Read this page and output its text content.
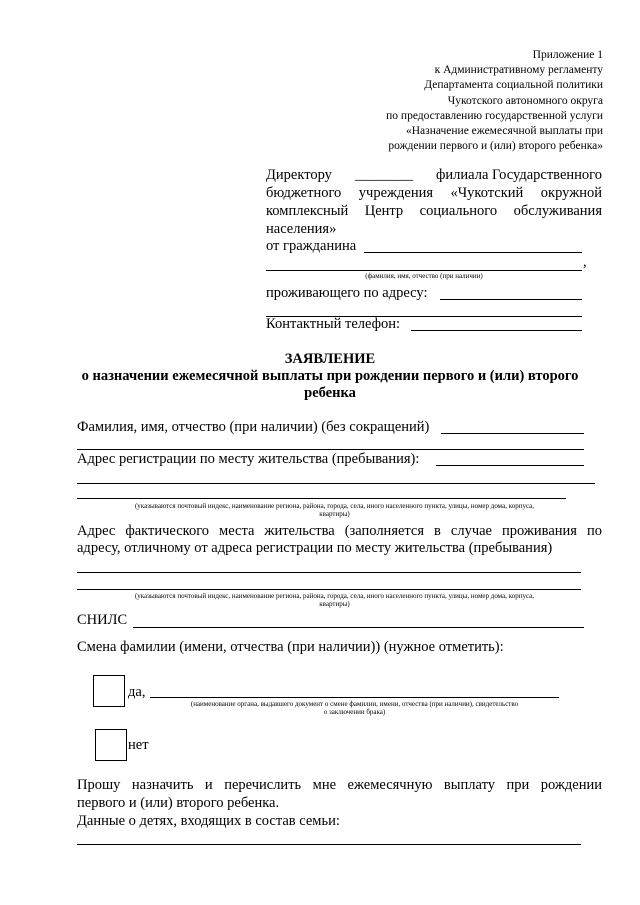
Приложение 1
к Административному регламенту
Департамента социальной политики
Чукотского автономного округа
по предоставлению государственной услуги
«Назначение ежемесячной выплаты при
рождении первого и (или) второго ребенка»
Директору ________ филиала Государственного
бюджетного учреждения «Чукотский окружной
комплексный Центр социального обслуживания
населения»
от гражданина
,
(фамилия, имя, отчество (при наличии)
проживающего по адресу:
Контактный телефон:
ЗАЯВЛЕНИЕ
о назначении ежемесячной выплаты при рождении первого и (или) второго
ребенка
Фамилия, имя, отчество (при наличии) (без сокращений)
Адрес регистрации по месту жительства (пребывания):
(указываются почтовый индекс, наименование региона, района, города, села, иного населенного пункта, улицы, номер дома, корпуса,
квартиры)
Адрес фактического места жительства (заполняется в случае проживания по
адресу, отличному от адреса регистрации по месту жительства (пребывания)
(указываются почтовый индекс, наименование региона, района, города, села, иного населенного пункта, улицы, номер дома, корпуса,
квартиры)
СНИЛС
Смена фамилии (имени, отчества (при наличии)) (нужное отметить):
да,
(наименование органа, выдавшего документ о смене фамилии, имени, отчества (при наличии), свидетельство
о заключении брака)
нет
Прошу назначить и перечислить мне ежемесячную выплату при рождении
первого и (или) второго ребенка.
Данные о детях, входящих в состав семьи:
